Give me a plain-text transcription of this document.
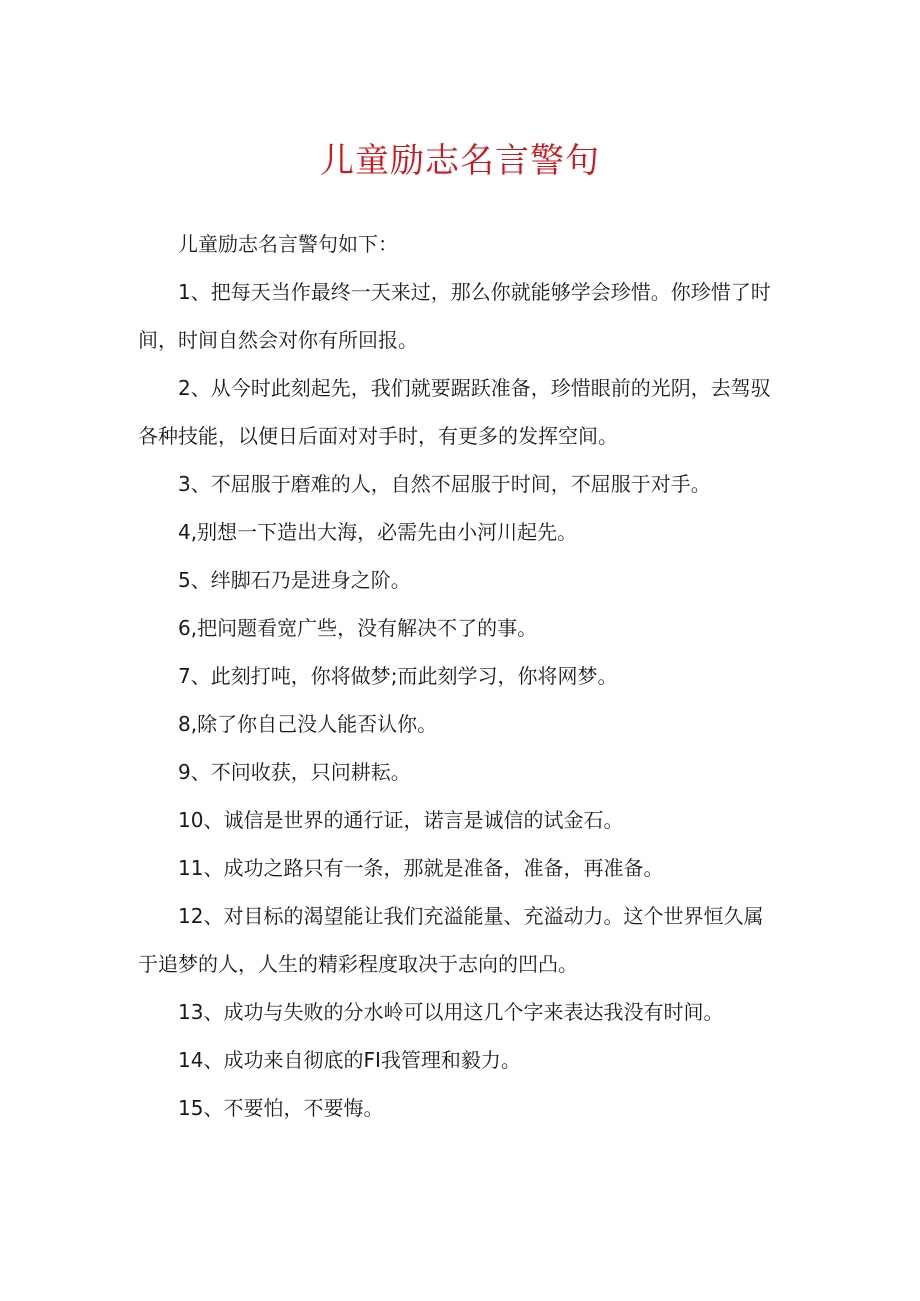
儿童励志名言警句

儿童励志名言警句如下：

1、把每天当作最终一天来过，那么你就能够学会珍惜。你珍惜了时间，时间自然会对你有所回报。

2、从今时此刻起先，我们就要踞跃准备，珍惜眼前的光阴，去驾驭各种技能，以便日后面对对手时，有更多的发挥空间。

3、不屈服于磨难的人，自然不屈服于时间，不屈服于对手。

4,别想一下造出大海，必需先由小河川起先。

5、绊脚石乃是进身之阶。

6,把问题看宽广些，没有解决不了的事。

7、此刻打吨，你将做梦;而此刻学习，你将网梦。

8,除了你自己没人能否认你。

9、不问收获，只问耕耘。

10、诚信是世界的通行证，诺言是诚信的试金石。

11、成功之路只有一条，那就是准备，准备，再准备。

12、对目标的渴望能让我们充溢能量、充溢动力。这个世界恒久属于追梦的人，人生的精彩程度取决于志向的凹凸。

13、成功与失败的分水岭可以用这几个字来表达我没有时间。

14、成功来自彻底的FI我管理和毅力。

15、不要怕，不要悔。
